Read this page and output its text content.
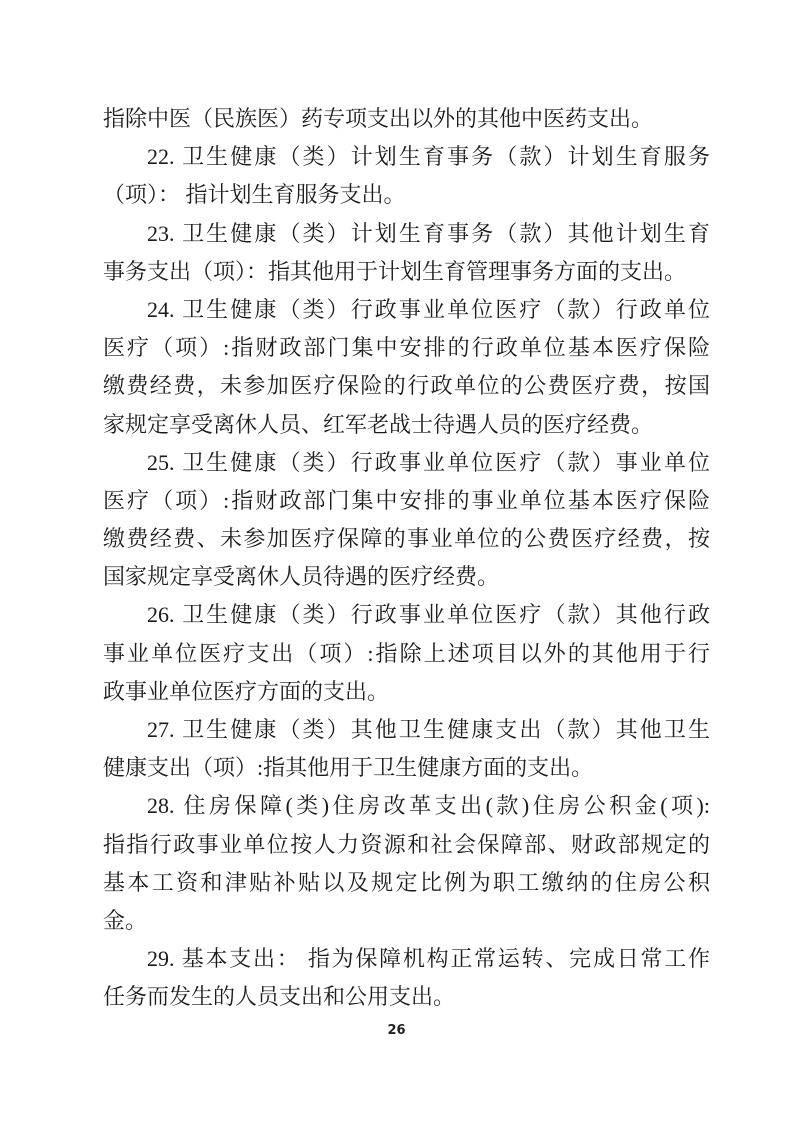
指除中医（民族医）药专项支出以外的其他中医药支出。
22. 卫生健康（类）计划生育事务（款）计划生育服务
（项）： 指计划生育服务支出。
23. 卫生健康（类）计划生育事务（款）其他计划生育
事务支出（项）：指其他用于计划生育管理事务方面的支出。
24. 卫生健康（类）行政事业单位医疗（款）行政单位
医疗（项）:指财政部门集中安排的行政单位基本医疗保险
缴费经费，未参加医疗保险的行政单位的公费医疗费，按国
家规定享受离休人员、红军老战士待遇人员的医疗经费。
25. 卫生健康（类）行政事业单位医疗（款）事业单位
医疗（项）:指财政部门集中安排的事业单位基本医疗保险
缴费经费、未参加医疗保障的事业单位的公费医疗经费，按
国家规定享受离休人员待遇的医疗经费。
26. 卫生健康（类）行政事业单位医疗（款）其他行政
事业单位医疗支出（项）:指除上述项目以外的其他用于行
政事业单位医疗方面的支出。
27. 卫生健康（类）其他卫生健康支出（款）其他卫生
健康支出（项）:指其他用于卫生健康方面的支出。
28. 住房保障(类)住房改革支出(款)住房公积金(项):
指指行政事业单位按人力资源和社会保障部、财政部规定的
基本工资和津贴补贴以及规定比例为职工缴纳的住房公积
金。
29. 基本支出： 指为保障机构正常运转、完成日常工作
任务而发生的人员支出和公用支出。
26
